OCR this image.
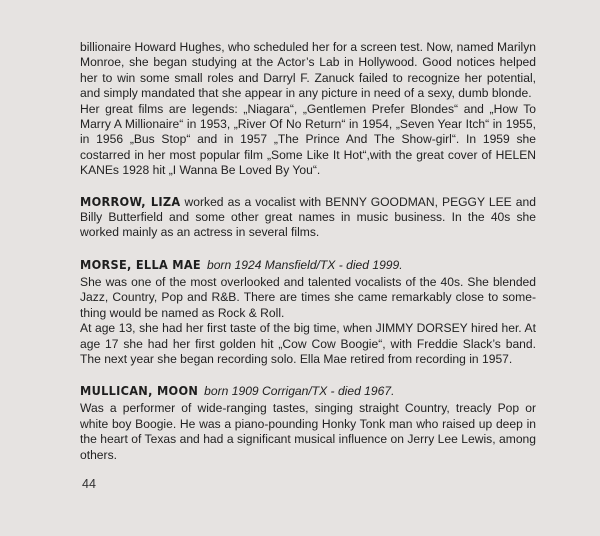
billionaire Howard Hughes, who scheduled her for a screen test. Now, named Marilyn Monroe, she began studying at the Actor’s Lab in Hollywood. Good notices helped her to win some small roles and Darryl F. Zanuck failed to recognize her potential, and simply mandated that she appear in any picture in need of a sexy, dumb blonde.

Her great films are legends: „Niagara“, „Gentlemen Prefer Blondes“ and „How To Marry A Millionaire“ in 1953, „River Of No Return“ in 1954, „Seven Year Itch“ in 1955, in 1956 „Bus Stop“ and in 1957 „The Prince And The Show-girl“. In 1959 she costarred in her most popular film „Some Like It Hot“,with the great cover of HELEN KANEs 1928 hit „I Wanna Be Loved By You“.

MORROW, LIZA worked as a vocalist with BENNY GOODMAN, PEGGY LEE and Billy Butterfield and some other great names in music business. In the 40s she worked mainly as an actress in several films.

MORSE, ELLA MAE born 1924 Mansfield/TX - died 1999.

She was one of the most overlooked and talented vocalists of the 40s. She blended Jazz, Country, Pop and R&B. There are times she came remarkably close to some-thing would be named as Rock & Roll.

At age 13, she had her first taste of the big time, when JIMMY DORSEY hired her. At age 17 she had her first golden hit „Cow Cow Boogie“, with Freddie Slack’s band. The next year she began recording solo. Ella Mae retired from recording in 1957.

MULLICAN, MOON born 1909 Corrigan/TX - died 1967.

Was a performer of wide-ranging tastes, singing straight Country, treacly Pop or white boy Boogie. He was a piano-pounding Honky Tonk man who raised up deep in the heart of Texas and had a significant musical influence on Jerry Lee Lewis, among others.

44
